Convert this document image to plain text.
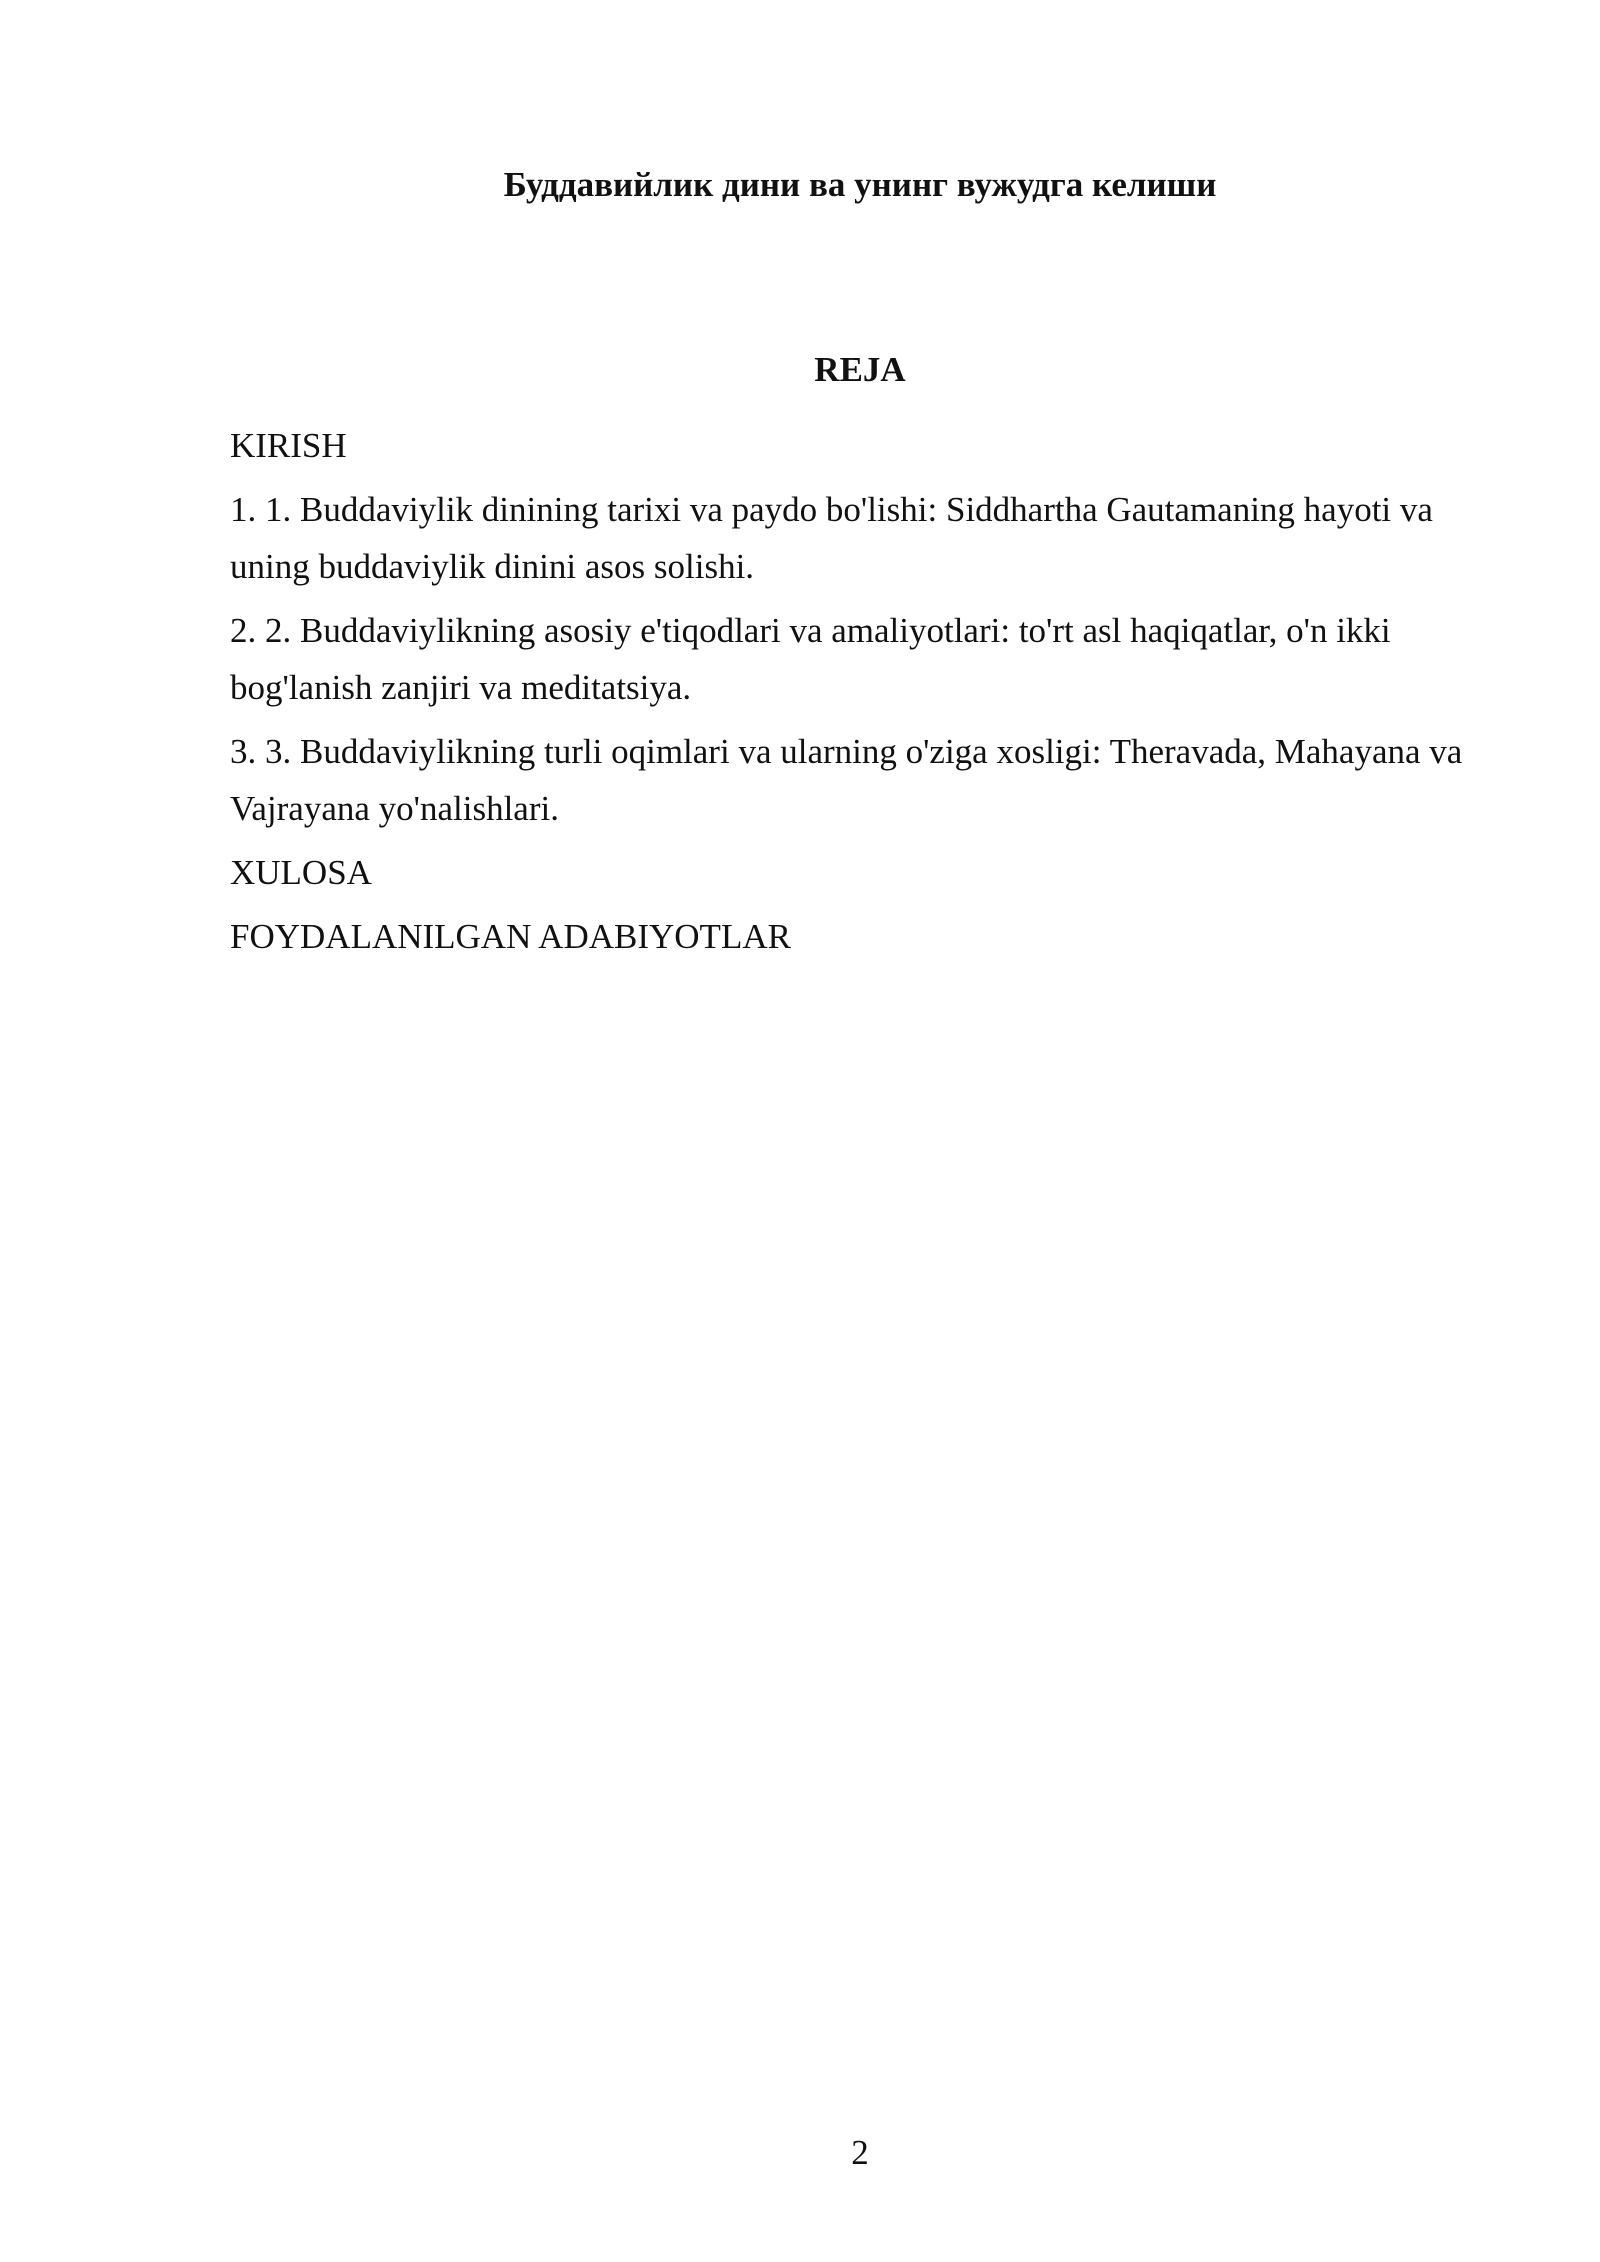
Буддавийлик дини ва унинг вужудга келиши
REJA
KIRISH
1. 1. Buddaviylik dinining tarixi va paydo bo'lishi: Siddhartha Gautamaning hayoti va uning buddaviylik dinini asos solishi.
2. 2. Buddaviylikning asosiy e'tiqodlari va amaliyotlari: to'rt asl haqiqatlar, o'n ikki bog'lanish zanjiri va meditatsiya.
3. 3. Buddaviylikning turli oqimlari va ularning o'ziga xosligi: Theravada, Mahayana va Vajrayana yo'nalishlari.
XULOSA
FOYDALANILGAN ADABIYOTLAR
2
